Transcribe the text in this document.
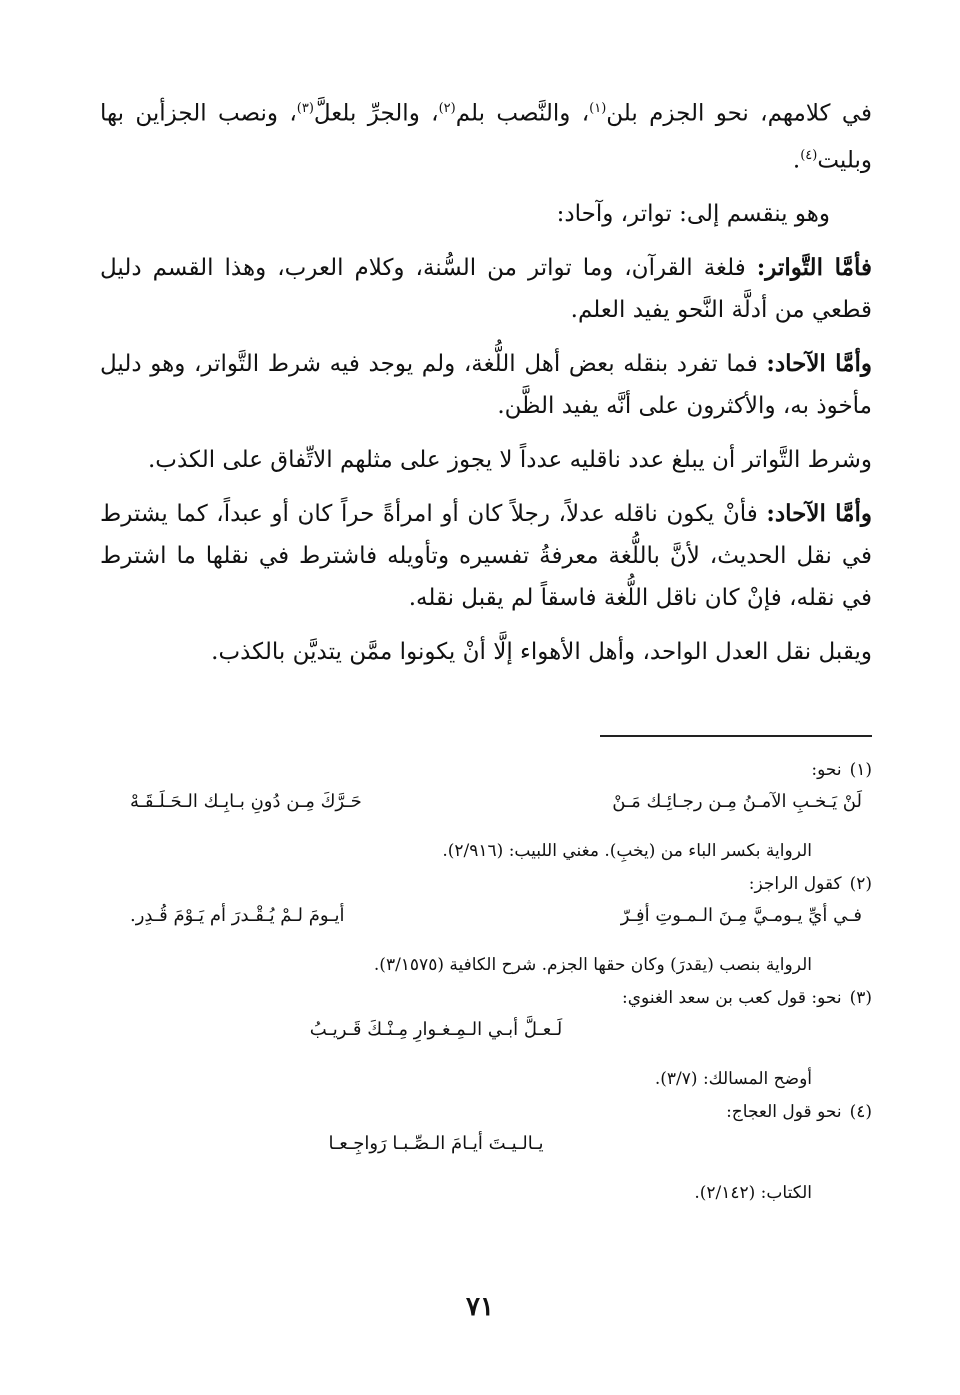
في كلامهم، نحو الجزم بلن$^{(١)}$، والنَّصب بلم$^{(٢)}$، والجرِّ بلعلَّ$^{(٣)}$، ونصب الجزأين بها وبليت$^{(٤)}$.

وهو ينقسم إلى: تواتر، وآحاد:

فأمَّا التَّواتر: فلغة القرآن، وما تواتر من السُّنة، وكلام العرب، وهذا القسم دليل قطعي من أدلَّة النَّحو يفيد العلم.

وأمَّا الآحاد: فما تفرد بنقله بعض أهل اللُّغة، ولم يوجد فيه شرط التَّواتر، وهو دليل مأخوذ به، والأكثرون على أنَّه يفيد الظَّن.

وشرط التَّواتر أن يبلغ عدد ناقليه عدداً لا يجوز على مثلهم الاتِّفاق على الكذب.

وأمَّا الآحاد: فأنْ يكون ناقله عدلاً، رجلاً كان أو امرأةً حراً كان أو عبداً، كما يشترط في نقل الحديث، لأنَّ باللُّغة معرفةُ تفسيره وتأويله فاشترط في نقلها ما اشترط في نقله، فإنْ كان ناقل اللُّغة فاسقاً لم يقبل نقله.

ويقبل نقل العدل الواحد، وأهل الأهواء إلَّا أنْ يكونوا ممَّن يتديَّن بالكذب.

(١)نحو:
لَنْ يَـخـبِ الآمـنُ مِـن رجـائِـك مَـنْ
حَـرَّكَ مِـن دُونِ بـابِـك الـحَـلَـقَـهْ
الرواية بكسر الباء من (يخبِ). مغني اللبيب: (٢/٩١٦).
(٢)كقول الراجز:
فـي أيِّ يـومـيَّ مِـنَ الـمـوتِ أفِـرّ
أيـومَ لـمْ يُـقْـدرَ أم يَـوْمَ قُـدِر.
الرواية بنصب (يقدرَ) وكان حقها الجزم. شرح الكافية (٣/١٥٧٥).
(٣)نحو: قول كعب بن سعد الغنوي:
لَـعـلَّ أبـي الـمِـغـوارِ مِـنْـكَ قَـريـبُ
أوضح المسالك: (٣/٧).
(٤)نحو قول العجاج:
يـالـيـتَ أيـامَ الـصِّـبـا رَواجِـعـا
الكتاب: (٢/١٤٢).
٧١
